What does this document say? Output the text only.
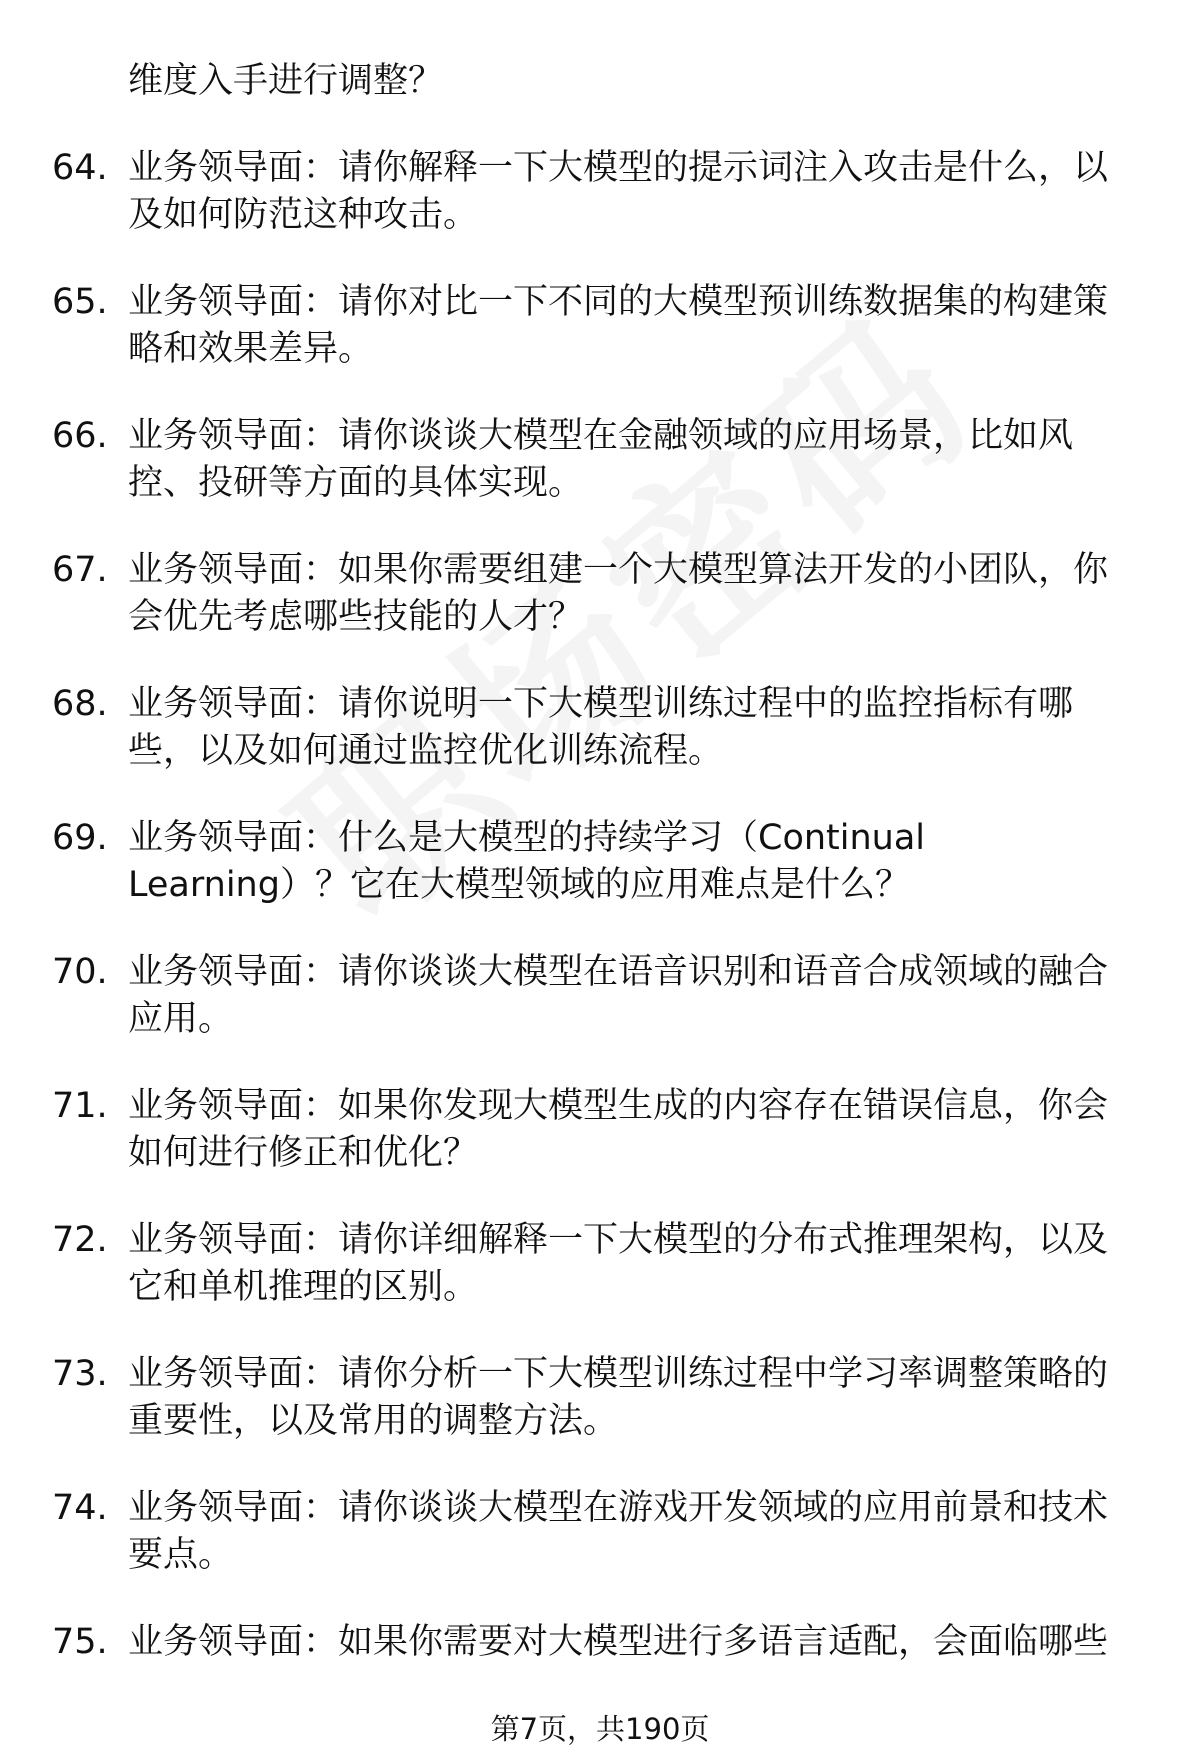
维度入手进行调整？
64. 业务领导面：请你解释一下大模型的提示词注入攻击是什么，以及如何防范这种攻击。
65. 业务领导面：请你对比一下不同的大模型预训练数据集的构建策略和效果差异。
66. 业务领导面：请你谈谈大模型在金融领域的应用场景，比如风控、投研等方面的具体实现。
67. 业务领导面：如果你需要组建一个大模型算法开发的小团队，你会优先考虑哪些技能的人才？
68. 业务领导面：请你说明一下大模型训练过程中的监控指标有哪些，以及如何通过监控优化训练流程。
69. 业务领导面：什么是大模型的持续学习（Continual Learning）？它在大模型领域的应用难点是什么？
70. 业务领导面：请你谈谈大模型在语音识别和语音合成领域的融合应用。
71. 业务领导面：如果你发现大模型生成的内容存在错误信息，你会如何进行修正和优化？
72. 业务领导面：请你详细解释一下大模型的分布式推理架构，以及它和单机推理的区别。
73. 业务领导面：请你分析一下大模型训练过程中学习率调整策略的重要性，以及常用的调整方法。
74. 业务领导面：请你谈谈大模型在游戏开发领域的应用前景和技术要点。
75. 业务领导面：如果你需要对大模型进行多语言适配，会面临哪些
第7页，共190页
